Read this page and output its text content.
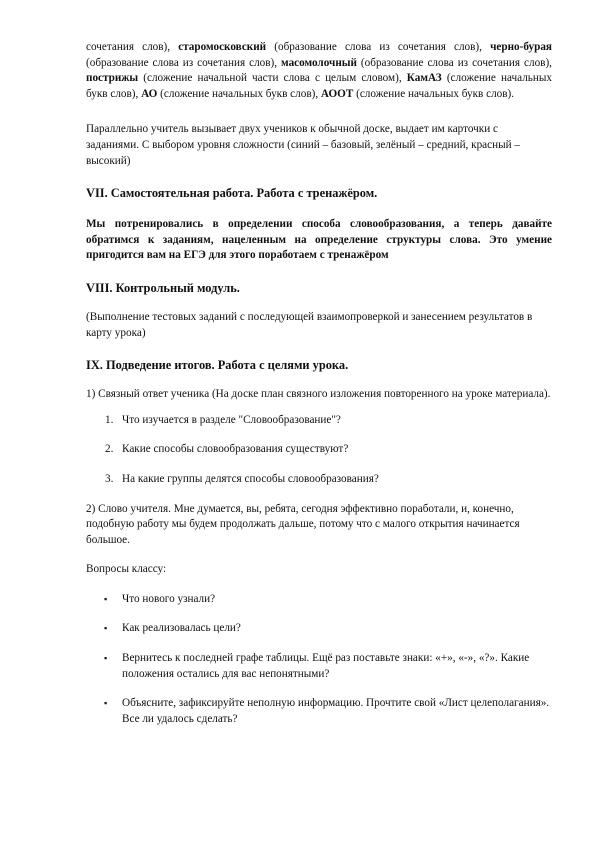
сочетания слов), старомосковский (образование слова из сочетания слов), черно-бурая (образование слова из сочетания слов), масомолочный (образование слова из сочетания слов), пострижы (сложение начальной части слова с целым словом), КамАЗ (сложение начальных букв слов), АО (сложение начальных букв слов), АООТ (сложение начальных букв слов).

Параллельно учитель вызывает двух учеников к обычной доске, выдает им карточки с заданиями. С выбором уровня сложности (синий – базовый, зелёный – средний, красный – высокий)

VII. Самостоятельная работа. Работа с тренажёром.

Мы потренировались в определении способа словообразования, а теперь давайте обратимся к заданиям, нацеленным на определение структуры слова. Это умение пригодится вам на ЕГЭ для этого поработаем с тренажёром

VIII. Контрольный модуль.

(Выполнение тестовых заданий с последующей взаимопроверкой и занесением результатов в карту урока)

IX. Подведение итогов. Работа с целями урока.

1) Связный ответ ученика (На доске план связного изложения повторенного на уроке материала).

1. Что изучается в разделе "Словообразование"?
2. Какие способы словообразования существуют?
3. На какие группы делятся способы словообразования?

2) Слово учителя. Мне думается, вы, ребята, сегодня эффективно поработали, и, конечно, подобную работу мы будем продолжать дальше, потому что с малого открытия начинается большое.

Вопросы классу:

▪ Что нового узнали?
▪ Как реализовалась цели?
▪ Вернитесь к последней графе таблицы. Ещё раз поставьте знаки: «+», «-», «?». Какие положения остались для вас непонятными?
▪ Объясните, зафиксируйте неполную информацию. Прочтите свой «Лист целеполагания». Все ли удалось сделать?
